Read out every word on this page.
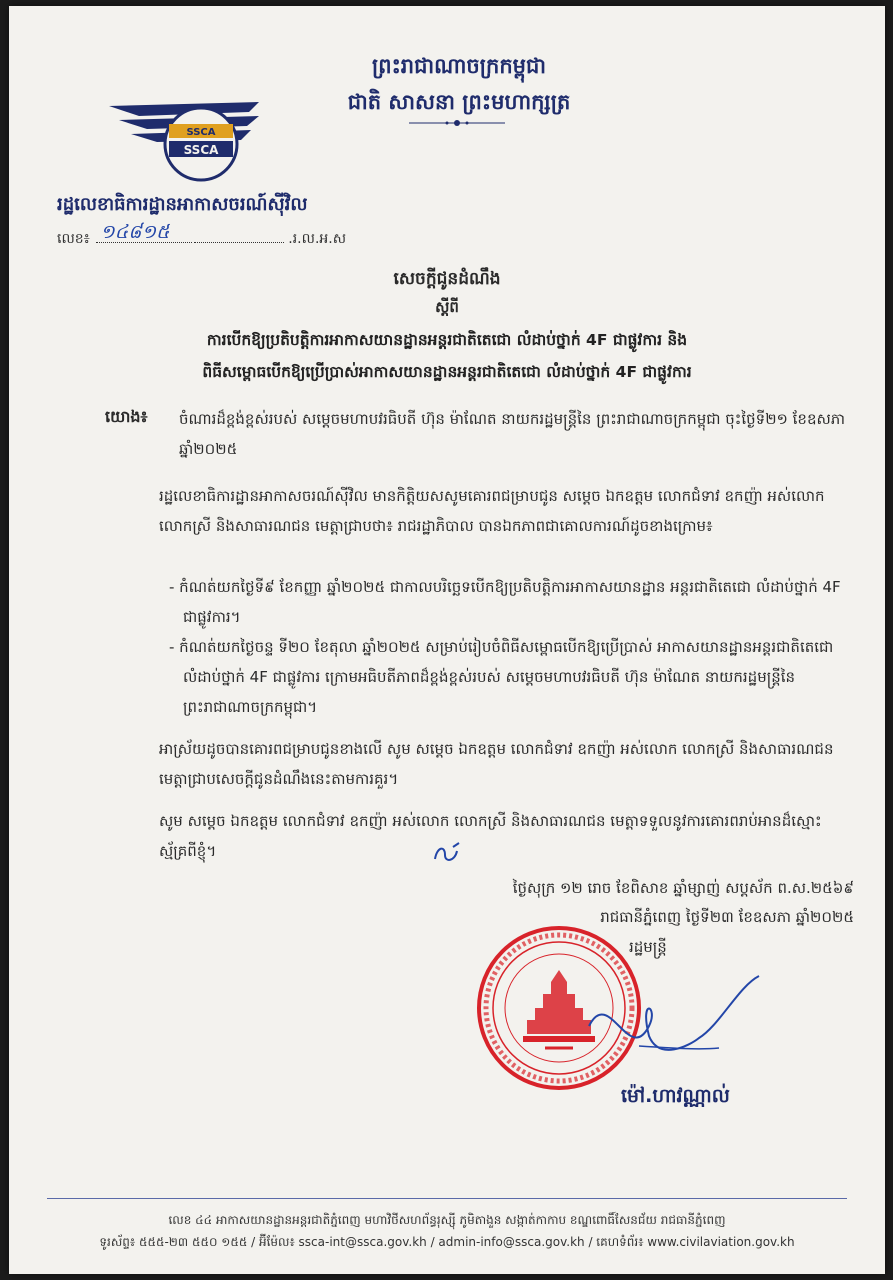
SSCA
SSCA
ព្រះរាជាណាចក្រកម្ពុជា
ជាតិ សាសនា ព្រះមហាក្សត្រ
រដ្ឋលេខាធិការដ្ឋានអាកាសចរណ៍ស៊ីវិល
លេខ៖ ១៤៨១៥	.រ.ល.អ.ស
សេចក្ដីជូនដំណឹង
ស្ដីពី
ការបើកឱ្យប្រតិបត្តិការអាកាសយានដ្ឋានអន្តរជាតិតេជោ លំដាប់ថ្នាក់ 4F ជាផ្លូវការ និង
ពិធីសម្ពោធបើកឱ្យប្រើប្រាស់អាកាសយានដ្ឋានអន្តរជាតិតេជោ លំដាប់ថ្នាក់ 4F ជាផ្លូវការ
យោង៖ ចំណារដ៏ខ្ពង់ខ្ពស់របស់ សម្ដេចមហាបវរធិបតី ហ៊ុន ម៉ាណែត នាយករដ្ឋមន្ត្រីនៃ ព្រះរាជាណាចក្រកម្ពុជា ចុះថ្ងៃទី២១ ខែឧសភា ឆ្នាំ២០២៥
រដ្ឋលេខាធិការដ្ឋានអាកាសចរណ៍ស៊ីវិល មានកិត្តិយសសូមគោរពជម្រាបជូន សម្ដេច ឯកឧត្តម លោកជំទាវ ឧកញ៉ា អស់លោក លោកស្រី និងសាធារណជន មេត្តាជ្រាបថា៖ រាជរដ្ឋាភិបាល បានឯកភាពជាគោលការណ៍ដូចខាងក្រោម៖
- កំណត់យកថ្ងៃទី៩ ខែកញ្ញា ឆ្នាំ២០២៥ ជាកាលបរិច្ឆេទបើកឱ្យប្រតិបត្តិការអាកាសយានដ្ឋាន អន្តរជាតិតេជោ លំដាប់ថ្នាក់ 4F ជាផ្លូវការ។
- កំណត់យកថ្ងៃចន្ទ ទី២០ ខែតុលា ឆ្នាំ២០២៥ សម្រាប់រៀបចំពិធីសម្ពោធបើកឱ្យប្រើប្រាស់ អាកាសយានដ្ឋានអន្តរជាតិតេជោ លំដាប់ថ្នាក់ 4F ជាផ្លូវការ ក្រោមអធិបតីភាពដ៏ខ្ពង់ខ្ពស់របស់ សម្ដេចមហាបវរធិបតី ហ៊ុន ម៉ាណែត នាយករដ្ឋមន្ត្រីនៃព្រះរាជាណាចក្រកម្ពុជា។
អាស្រ័យដូចបានគោរពជម្រាបជូនខាងលើ សូម សម្ដេច ឯកឧត្តម លោកជំទាវ ឧកញ៉ា អស់លោក លោកស្រី និងសាធារណជន មេត្តាជ្រាបសេចក្ដីជូនដំណឹងនេះតាមការគួរ។
សូម សម្ដេច ឯកឧត្តម លោកជំទាវ ឧកញ៉ា អស់លោក លោកស្រី និងសាធារណជន មេត្តាទទួលនូវការគោរពរាប់អានដ៏ស្មោះស្ម័គ្រពីខ្ញុំ។
ថ្ងៃសុក្រ ១២ រោច ខែពិសាខ ឆ្នាំម្សាញ់ សប្តស័ក ព.ស.២៥៦៩
រាជធានីភ្នំពេញ ថ្ងៃទី២៣ ខែឧសភា ឆ្នាំ២០២៥
រដ្ឋមន្ត្រី
ម៉ៅ.ហាវណ្ណាល់
លេខ ៤៤ អាកាសយានដ្ឋានអន្តរជាតិភ្នំពេញ មហាវិថីសហព័ន្ធរុស្ស៊ី ភូមិតាងួន សង្កាត់កាកាប ខណ្ឌពោធិ៍សែនជ័យ រាជធានីភ្នំពេញ
ទូរស័ព្ទ៖ ៥៥៥-២៣ ៥៥០ ១៥៥ / អ៊ីម៉ែល៖ ssca-int@ssca.gov.kh / admin-info@ssca.gov.kh / គេហទំព័រ៖ www.civilaviation.gov.kh
